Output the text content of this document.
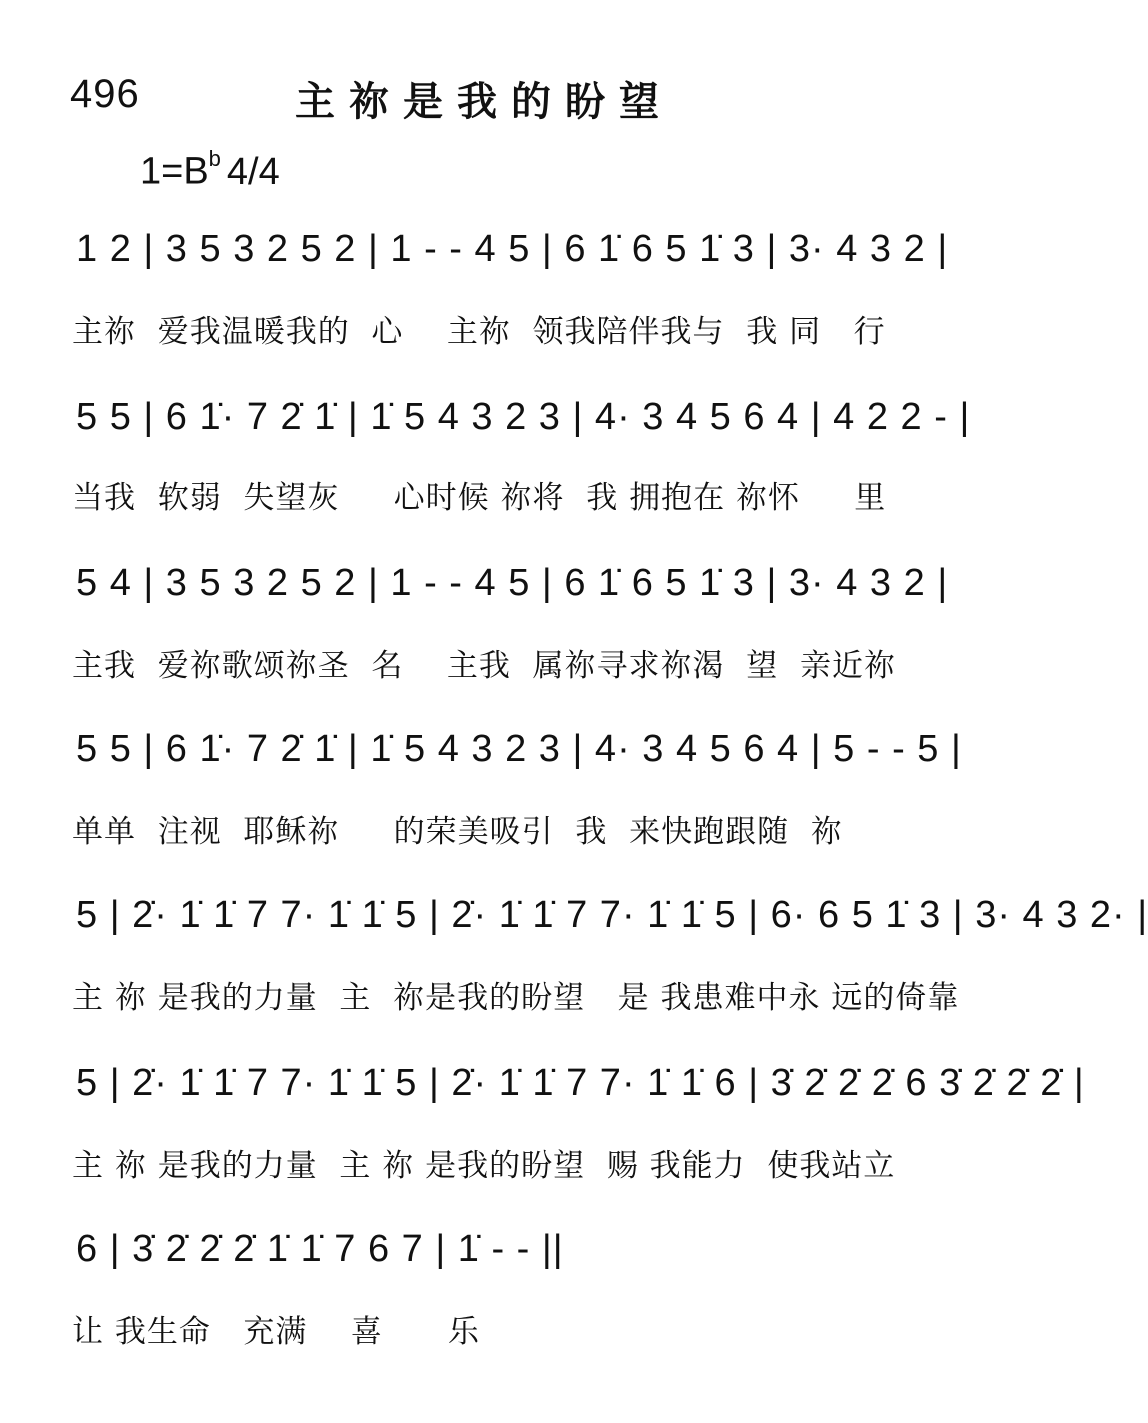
496	主祢是我的盼望
$1=B^b$ 4/4
1 2 | 3 5 3 2 5 2 | 1 - - 4 5 | 6 1̇ 6 5 1̇ 3 | 3· 4 3 2 |
主祢  爱我温暖我的  心    主祢  领我陪伴我与  我 同   行
5 5 | 6 1̇· 7 2̇ 1̇ | 1̇ 5 4 3 2 3 | 4· 3 4 5 6 4 | 4 2 2 - |
当我  软弱  失望灰     心时候 祢将  我 拥抱在 祢怀     里
5 4 | 3 5 3 2 5 2 | 1 - - 4 5 | 6 1̇ 6 5 1̇ 3 | 3· 4 3 2 |
主我  爱祢歌颂祢圣  名    主我  属祢寻求祢渴  望  亲近祢
5 5 | 6 1̇· 7 2̇ 1̇ | 1̇ 5 4 3 2 3 | 4· 3 4 5 6 4 | 5 - - 5 |
单单  注视  耶稣祢     的荣美吸引  我  来快跑跟随  祢
5 | 2̇· 1̇ 1̇ 7 7· 1̇ 1̇ 5 | 2̇· 1̇ 1̇ 7 7· 1̇ 1̇ 5 | 6· 6 5 1̇ 3 | 3· 4 3 2· |
主 祢 是我的力量  主  祢是我的盼望   是 我患难中永 远的倚靠
5 | 2̇· 1̇ 1̇ 7 7· 1̇ 1̇ 5 | 2̇· 1̇ 1̇ 7 7· 1̇ 1̇ 6 | 3̇ 2̇ 2̇ 2̇ 6 3̇ 2̇ 2̇ 2̇ |
主 祢 是我的力量  主 祢 是我的盼望  赐 我能力  使我站立
6 | 3̇ 2̇ 2̇ 2̇ 1̇ 1̇ 7 6 7 | 1̇ - - ||
让 我生命   充满    喜      乐
